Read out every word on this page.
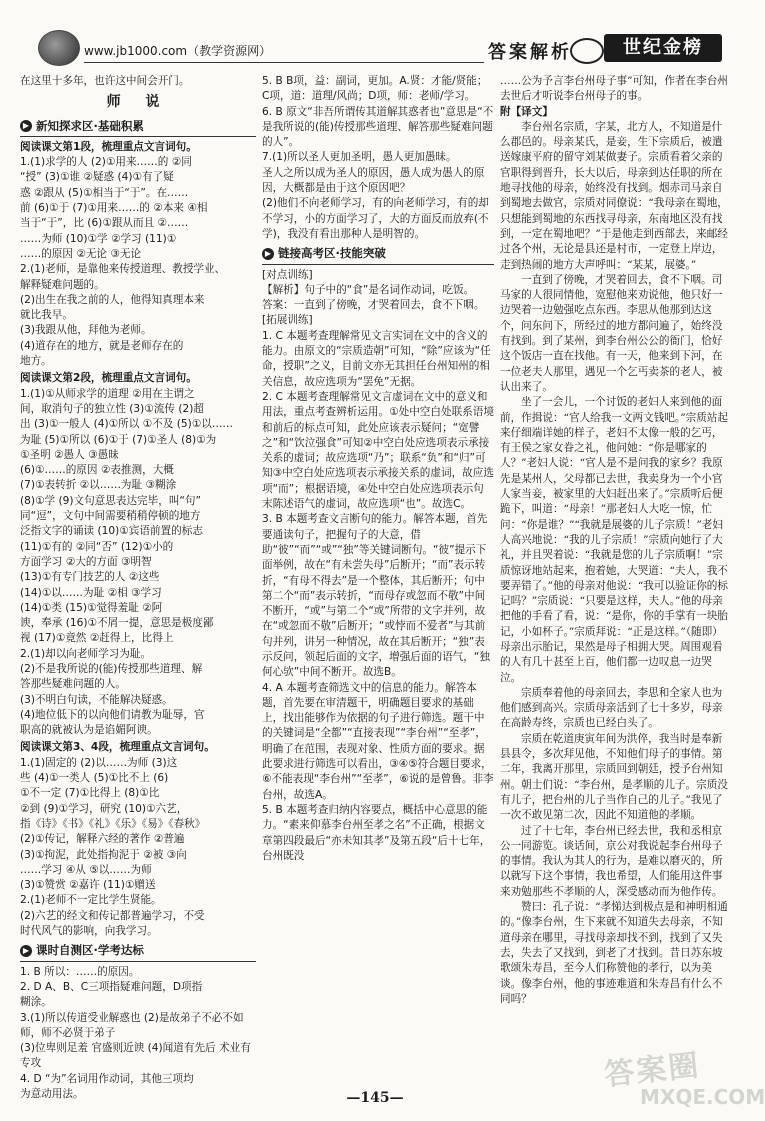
www.jb1000.com（教学资源网）	答案解析	世纪金榜

在这里十多年，也许这中间会开门。

师 说

▶ 新知探求区·基础积累

阅读课文第1段，梳理重点文言词句。

1.(1)求学的人 (2)①用来……的 ②同

“授” (3)①谁 ②疑惑 (4)①有了疑

惑 ②跟从 (5)①相当于“于”。在……

前 (6)①于 (7)①用来……的 ②本来 ④相

当于“于”，比 (6)①跟从而且 ②……

……为师 (10)①学 ②学习 (11)①

……的原因 ②无论 ③无论

2.(1)老师，是靠他来传授道理、教授学业、

解释疑难问题的。

(2)出生在我之前的人，他得知真理本来

就比我早。

(3)我跟从他，拜他为老师。

(4)道存在的地方，就是老师存在的

地方。

阅读课文第2段，梳理重点文言词句。

1.(1)①从师求学的道理 ②用在主谓之

间，取消句子的独立性 (3)①流传 (2)超

出 (3)①一般人 (4)①所以 ①不及 (5)①以……

为耻 (5)①所以 (6)①于 (7)①圣人 (8)①为

①圣明 ②愚人 ③愚昧

(6)①……的原因 ②表推测，大概

(7)①表转折 ②以……为耻 ③糊涂

(8)①学 (9)文句意思表达完毕，叫“句”

同“逗”，文句中间需要稍稍停顿的地方

泛指文字的诵读 (10)①宾语前置的标志

(11)①有的 ②同“否” (12)①小的

方面学习 ②大的方面 ③明智

(13)①有专门技艺的人 ②这些

(14)①以……为耻 ②相 ③学习

(14)①类 (15)①觉得羞耻 ②阿

谀，奉承 (16)①不屑一提，意思是极度鄙

视 (17)①竟然 ②赶得上，比得上

2.(1)却以向老师学习为耻。

(2)不是我所说的(能)传授那些道理、解

答那些疑难问题的人。

(3)不明白句读，不能解决疑惑。

(4)地位低下的以向他们请教为耻辱，官

职高的就被认为是谄媚阿谀。

阅读课文第3、4段，梳理重点文言词句。

1.(1)固定的 (2)以……为师 (3)这

些 (4)①一类人 (5)①比不上 (6)

①不一定 (7)①比得上 (8)①比

②到 (9)①学习，研究 (10)①六艺，

指《诗》《书》《礼》《乐》《易》《春秋》

(2)①传记，解释六经的著作 ②普遍

(3)①拘泥，此处指拘泥于 ②被 ③向

……学习 ④从 ⑤以……为师

(3)①赞赏 ②嘉许 (11)①赠送

2.(1)老师不一定比学生贤能。

(2)六艺的经文和传记都普遍学习，不受

时代风气的影响，向我学习。

▶ 课时自测区·学考达标

1. B 所以：……的原因。

2. D A、B、C三项指疑难问题，D项指

糊涂。

3.(1)所以传道受业解惑也 (2)是故弟子不必不如师，师不必贤于弟子

(3)位卑则足羞 官盛则近谀 (4)闻道有先后 术业有专攻

4. D “为”名词用作动词，其他三项均

为意动用法。

5. B B项，益：副词，更加。A.贤：才能/贤能；C项，道：道理/风尚；D项，师：老师/学习。

6. B 原文“非吾所谓传其道解其惑者也”意思是“不是我所说的(能)传授那些道理、解答那些疑难问题的人”。

7.(1)所以圣人更加圣明，愚人更加愚昧。

圣人之所以成为圣人的原因，愚人成为愚人的原因，大概都是由于这个原因吧？

(2)他们不向老师学习，有的向老师学习，有的却不学习，小的方面学习了，大的方面反而放弃(不学)，我没有看出那种人是明智的。

▶ 链接高考区·技能突破

[对点训练]

【解析】句子中的“食”是名词作动词，吃饭。

答案：一直到了傍晚，才哭着回去，食不下咽。

[拓展训练]

1. C 本题考查理解常见文言实词在文中的含义的能力。由原文的“宗质造朝”可知，“除”应该为“任命，授职”之义，目前文亦无其担任台州知州的相关信息，故应选项为“罢免”无据。

2. C 本题考查理解常见文言虚词在文中的意义和用法，重点考查辨析运用。①处中空白处联系语境和前后的标点可知，此处应该表示疑问；“宽譬之”和“饮泣强食”可知②中空白处应选项表示承接关系的虚词；故应选项“乃”；联系“负”和“归”可知③中空白处应选项表示承接关系的虚词，故应选项“而”；根据语境，④处中空白处应选项表示句末陈述语气的虚词，故应选项“也”。故选C。

3. B 本题考查文言断句的能力。解答本题，首先要通读句子，把握句子的大意，借助“彼”“而”“或”“独”等关键词断句。“彼”提示下面举例，故在“有未尝失母”后断开；“而”表示转折，“有母不得去”是一个整体，其后断开；句中第二个“而”表示转折，“而母存或忽而不敬”中间不断开，“或”与第二个“或”所带的文字并列，故在“或忽而不敬”后断开；“或悖而不爱者”与其前句并列，讲另一种情况，故在其后断开；“独”表示反问，领起后面的文字，增强后面的语气，“独何心欤”中间不断开。故选B。

4. A 本题考查筛选文中的信息的能力。解答本题，首先要在审清题干，明确题目要求的基础上，找出能够作为依据的句子进行筛选。题干中的关键词是“全都”“直接表现”“李台州”“至孝”，明确了在范围，表现对象、性质方面的要求。据此要求进行筛选可以看出，③④⑤符合题目要求，⑥不能表现“李台州”“至孝”，⑥说的是曾鲁。非李台州，故选A。

5. B 本题考查归纳内容要点，概括中心意思的能力。“素来仰慕李台州至孝之名”不正确，根据文章第四段最后“亦未知其孝”及第五段“后十七年，台州既没

……公为予言李台州母子事”可知，作者在李台州去世后才听说李台州母子的事。

附【译文】

李台州名宗质，字某，北方人，不知道是什么郡邑的。母亲某氏，是妾，生下宗质后，被遣送嫁康平府的留守刘某做妻子。宗质看着父亲的官职得到晋升，长大以后，母亲到达任职的所在地寻找他的母亲，始终没有找到。烟赤司马亲自到蜀地去做官，宗质对同僚说：“我母亲在蜀地，只想能到蜀地的东西找寻母亲，东南地区没有找到，一定在蜀地吧？”于是他走到西部去，来邮经过各个州，无论是县还是村市，一定登上岸边，走到热闹的地方大声呼叫：“某某，展婆。”

一直到了傍晚，才哭着回去，食不下咽。司马家的人很同情他，宽慰他来劝说他，他只好一边哭着一边勉强吃点东西。李思从他那到达这个，问东问下，所经过的地方都问遍了，始终没有找到。到了某州，到李台州公公的衙门，恰好这个饭店一直在找他。有一天，他来到下河，在一位老夫人那里，遇见一个乞丐卖茶的老人，被认出来了。

坐了一会儿，一个讨饭的老妇人来到他的面前，作揖说：“官人给我一文两文钱吧。”宗质站起来仔细端详她的样子，老妇不太像一般的乞丐，有王侯之家女眷之礼，他问她：“你是哪家的人？”老妇人说：“官人是不是问我的家乡？我原先是某州人，父母都已去世，我卖身为一个小官人家当妾，被家里的大妇赶出来了。”宗质听后便跪下，叫道：“母亲！”那老妇人大吃一惊，忙问：“你是谁？”“我就是展婆的儿子宗质！”老妇人高兴地说：“我的儿子宗质！”宗质向她行了大礼，并且哭着说：“我就是您的儿子宗质啊！”宗质惊讶地站起来，抱着她，大哭道：“夫人，我不要弄错了。”他的母亲对他说：“我可以验证你的标记吗？”宗质说：“只要是这样，夫人。”他的母亲把他的手看了看，说：“是你，你的手掌有一块胎记，小如杯子。”宗质拜说：“正是这样。”（随即）母亲出示胎记，果然是母子相拥大哭。周围观看的人有几十甚至上百，他们都一边叹息一边哭泣。

宗质奉着他的母亲回去，李思和全家人也为他们感到高兴。宗质母亲活到了七十多岁，母亲在高龄寿终，宗质也已经白头了。

宗质在乾道庚寅年间为洪倅，我当时是奉新县县令，多次拜见他，不知他们母子的事情。第二年，我离开那里，宗质回到朝廷，授予台州知州。朝士们说：“李台州，是孝顺的儿子。宗质没有儿子，把台州的儿子当作自己的儿子。”我见了一次不敢见第二次，因此不知道他的孝顺。

过了十七年，李台州已经去世，我和丞相京公一同游览。谈话间，京公对我说起李台州母子的事情。我认为其人的行为，是难以磨灭的，所以就写下这个事情，我也希望，人们能用这件事来劝勉那些不孝顺的人，深受感动而为他作传。

赞曰：孔子说：“孝悌达到极点是和神明相通的。”像李台州，生下来就不知道失去母亲，不知道母亲在哪里，寻找母亲却找不到，找到了又失去，失去了又找到，到老了才找到。昔日苏东坡歌颂朱寿昌，至今人们称赞他的孝行，以为美谈。像李台州，他的事迹难道和朱寿昌有什么不同吗？

—145—
答案圈
MXQE.COM
